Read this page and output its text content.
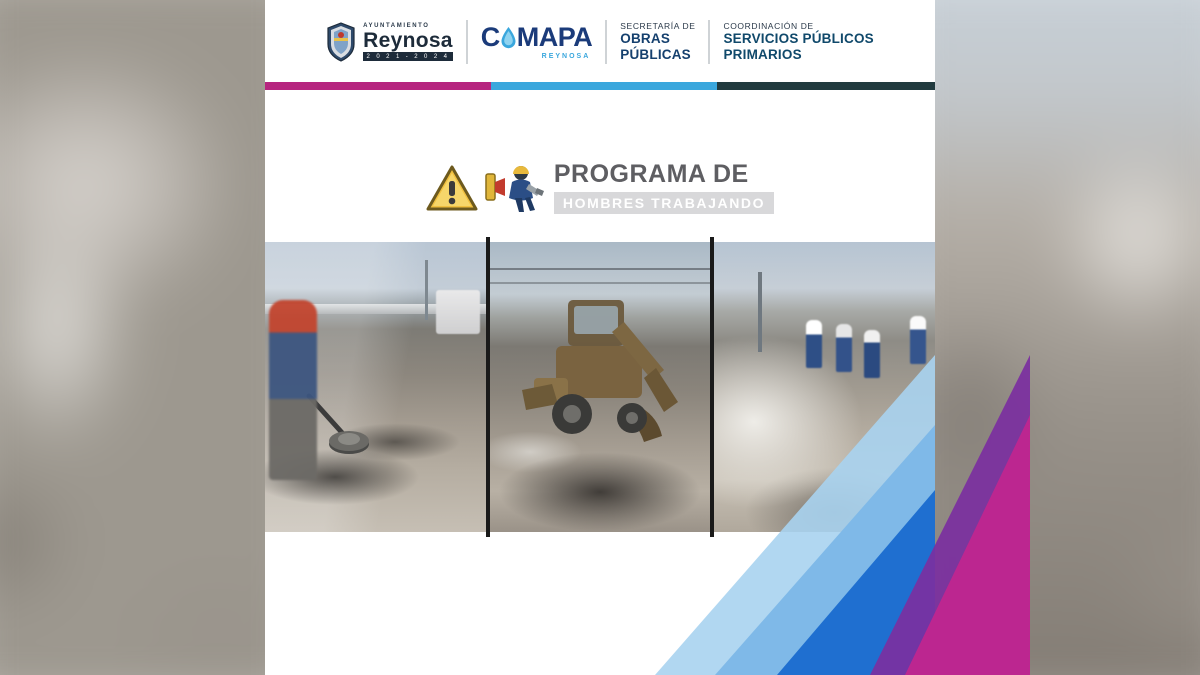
AYUNTAMIENTO
Reynosa
2 0 2 1 - 2 0 2 4
C MAPA
REYNOSA
SECRETARÍA DE
OBRAS
PÚBLICAS
COORDINACIÓN DE
SERVICIOS PÚBLICOS
PRIMARIOS
PROGRAMA DE
HOMBRES TRABAJANDO
